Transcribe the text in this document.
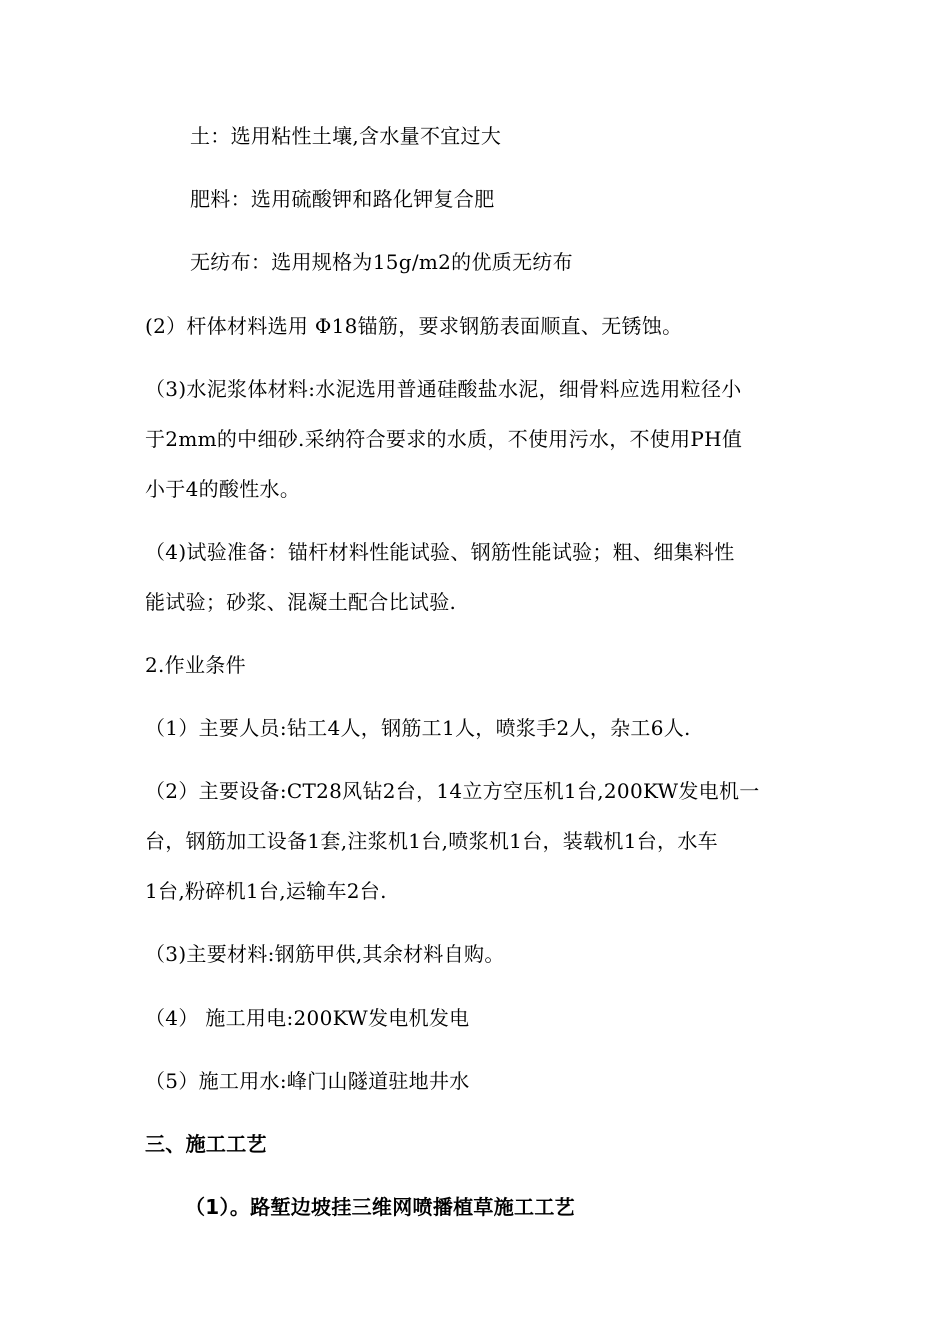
土：选用粘性土壤,含水量不宜过大
肥料：选用硫酸钾和路化钾复合肥
无纺布：选用规格为15g/m2的优质无纺布
(2）杆体材料选用 Φ18锚筋，要求钢筋表面顺直、无锈蚀。
（3)水泥浆体材料:水泥选用普通硅酸盐水泥，细骨料应选用粒径小
于2mm的中细砂.采纳符合要求的水质，不使用污水，不使用PH值
小于4的酸性水。
（4)试验准备：锚杆材料性能试验、钢筋性能试验；粗、细集料性
能试验；砂浆、混凝土配合比试验.
2.作业条件
（1）主要人员:钻工4人，钢筋工1人，喷浆手2人，杂工6人.
（2）主要设备:CT28风钻2台，14立方空压机1台,200KW发电机一
台，钢筋加工设备1套,注浆机1台,喷浆机1台，装载机1台，水车
1台,粉碎机1台,运输车2台.
（3)主要材料:钢筋甲供,其余材料自购。
（4） 施工用电:200KW发电机发电
（5）施工用水:峰门山隧道驻地井水
三、施工工艺
（1）。路堑边坡挂三维网喷播植草施工工艺
